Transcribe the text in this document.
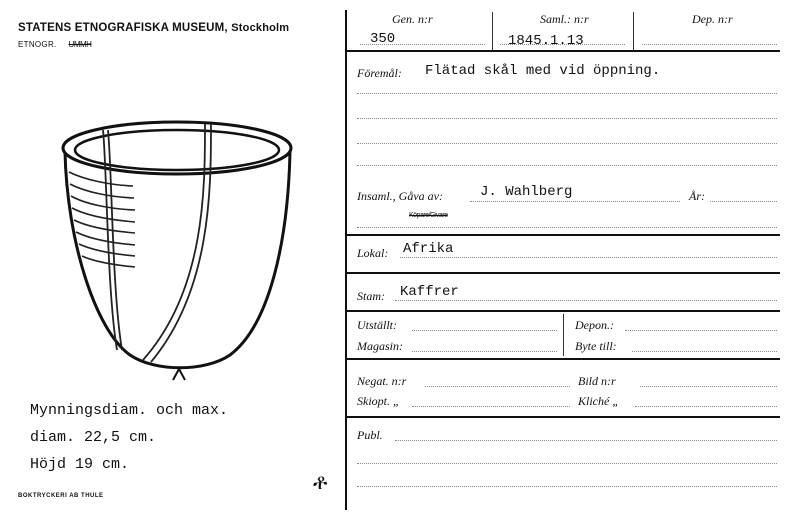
STATENS ETNOGRAFISKA MUSEUM, Stockholm
ETNOGR. UMMH
Mynningsdiam. och max.
diam. 22,5 cm.
Höjd 19 cm.
BOKTRYCKERI AB THULE
ቶ
Gen. n:r	Saml.: n:r	Dep. n:r
350	1845.1.13
Föremål: Flätad skål med vid öppning.
Insaml., Gåva av:	J. Wahlberg	År:
Köpare/Givare
Lokal: Afrika
Stam: Kaffrer
Utställt:	Depon.:
Magasin:	Byte till:
Negat. n:r	Bild n:r
Skiopt. „	Kliché „
Publ.
